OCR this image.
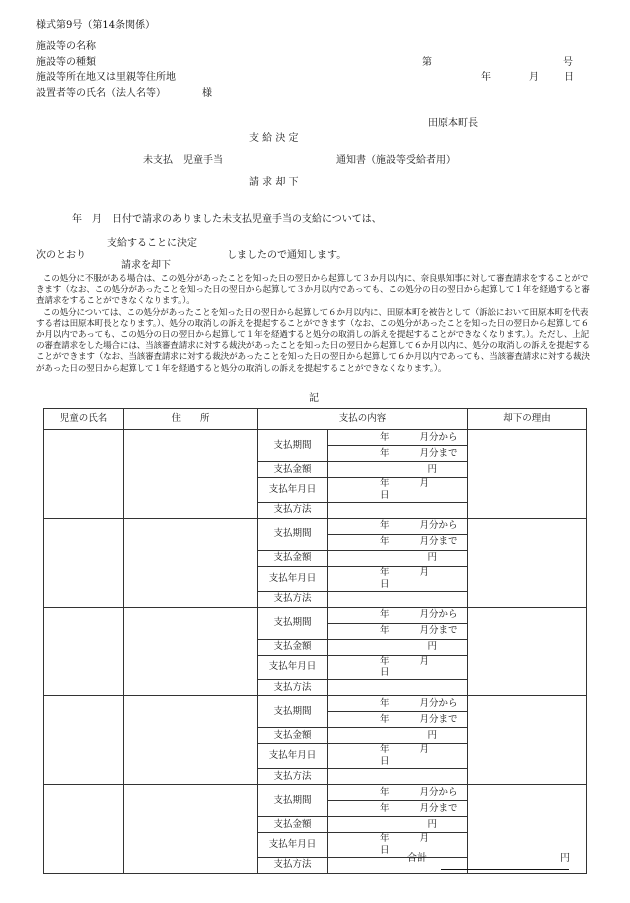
様式第9号（第14条関係）
施設等の名称
施設等の種類	第	号
施設等所在地又は里親等住所地	年	月	日
設置者等の氏名（法人名等）	様
田原本町長
支 給 決 定
未支払　児童手当	通知書（施設等受給者用）
請 求 却 下
年　月　日付で請求のありました未支払児童手当の支給については、
次のとおり
支給することに決定
請求を却下
しましたので通知します。

この処分に不服がある場合は、この処分があったことを知った日の翌日から起算して３か月以内に、奈良県知事に対して審査請求をすることができます（なお、この処分があったことを知った日の翌日から起算して３か月以内であっても、この処分の日の翌日から起算して１年を経過すると審査請求をすることができなくなります。）。

この処分については、この処分があったことを知った日の翌日から起算して６か月以内に、田原本町を被告として（訴訟において田原本町を代表する者は田原本町長となります。）、処分の取消しの訴えを提起することができます（なお、この処分があったことを知った日の翌日から起算して６か月以内であっても、この処分の日の翌日から起算して１年を経過すると処分の取消しの訴えを提起することができなくなります。）。ただし、上記の審査請求をした場合には、当該審査請求に対する裁決があったことを知った日の翌日から起算して６か月以内に、処分の取消しの訴えを提起することができます（なお、当該審査請求に対する裁決があったことを知った日の翌日から起算して６か月以内であっても、当該審査請求に対する裁決があった日の翌日から起算して１年を経過すると処分の取消しの訴えを提起することができなくなります。）。

記
児童の氏名	住　　所	支払の内容		却下の理由
		支払期間	年 月分から	
			年 月分まで	
		支払金額	円	
		支払年月日	年 月日	
		支払方法		
		支払期間	年 月分から	
			年 月分まで	
		支払金額	円	
		支払年月日	年 月日	
		支払方法		
		支払期間	年 月分から	
			年 月分まで	
		支払金額	円	
		支払年月日	年 月日	
		支払方法		
		支払期間	年 月分から	
			年 月分まで	
		支払金額	円	
		支払年月日	年 月日	
		支払方法		
		支払期間	年 月分から	
			年 月分まで	
		支払金額	円	
		支払年月日	年 月日	
		支払方法		
合計	円
